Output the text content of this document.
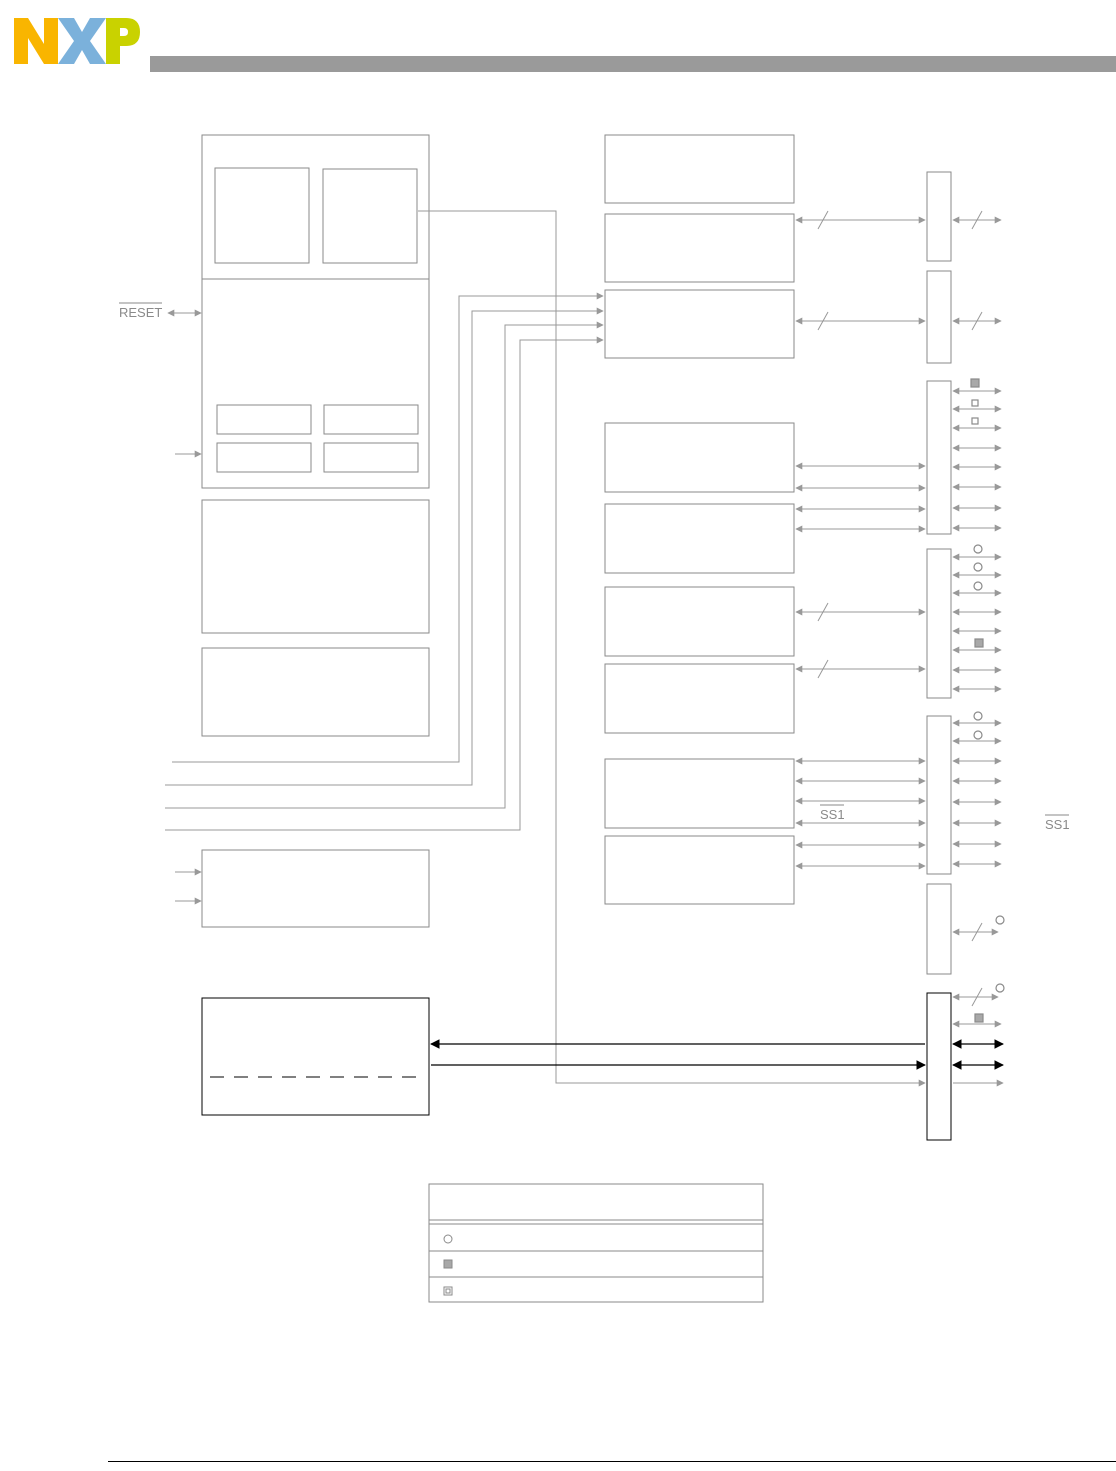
RESET
SS1
SS1
